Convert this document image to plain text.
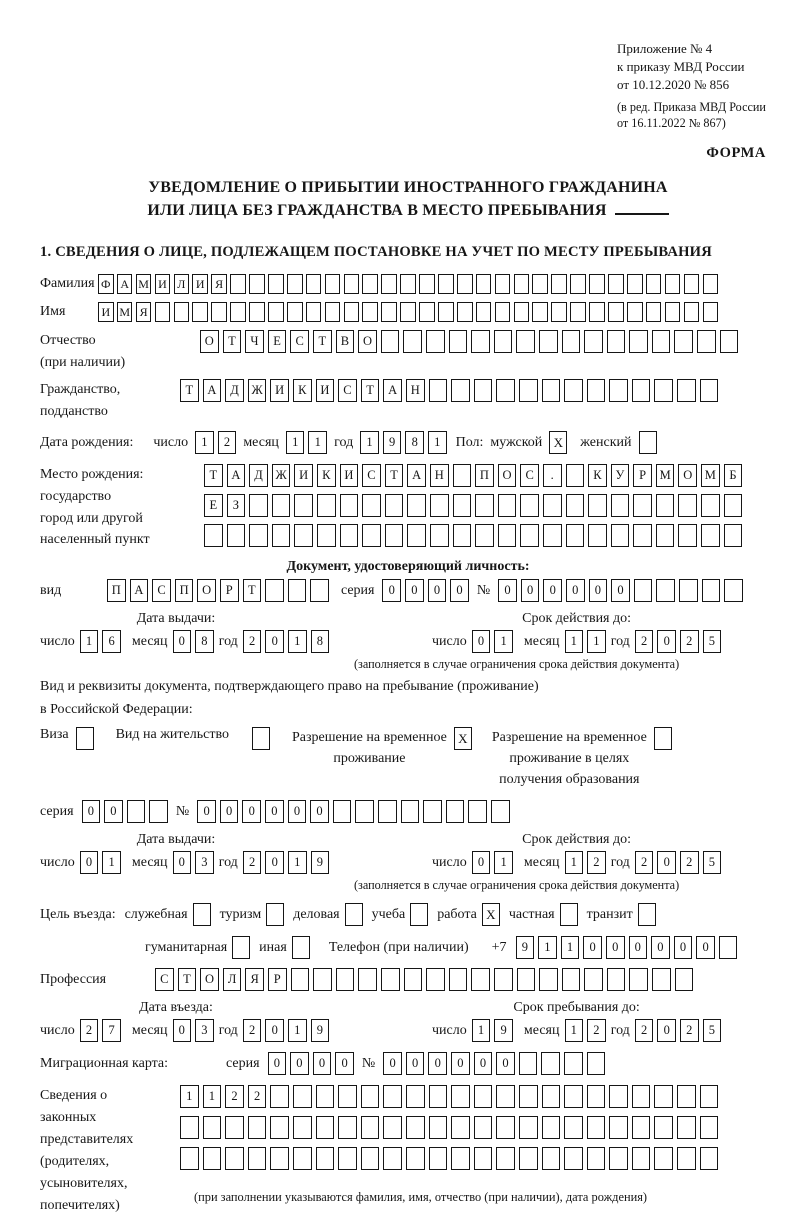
Приложение № 4
к приказу МВД России
от 10.12.2020 № 856
(в ред. Приказа МВД России
от 16.11.2022 № 867)
ФОРМА
УВЕДОМЛЕНИЕ О ПРИБЫТИИ ИНОСТРАННОГО ГРАЖДАНИНА
ИЛИ ЛИЦА БЕЗ ГРАЖДАНСТВА В МЕСТО ПРЕБЫВАНИЯ
1. СВЕДЕНИЯ О ЛИЦЕ, ПОДЛЕЖАЩЕМ ПОСТАНОВКЕ НА УЧЕТ ПО МЕСТУ ПРЕБЫВАНИЯ
Фамилия Ф А М И Л И Я
Имя	И М Я
Отчество
(при наличии)
О	Т	Ч	Е	С	Т	В	О
Гражданство,
подданство
Т	А	Д	Ж И	К	И	С	Т	А	Н
Дата рождения: число	1	2 месяц	1	1 год	1	9	8	1	Пол: мужской X	женский
Место рождения:
государство
город или другой
населенный пункт
Т	А	Д	Ж И	К	И	С	Т	А	Н	П	О	С	.	К	У	Р	М	О	М	Б
Е	З
Документ, удостоверяющий личность:
вид	П	А	С	П	О	Р	Т	серия	0	0	0	0	№	0	0	0	0	0	0
Дата выдачи:
число 1	6	месяц 0	8 год 2	0	1	8
Срок действия до:
число 0	1	месяц 1	1 год 2	0	2	5
(заполняется в случае ограничения срока действия документа)
Вид и реквизиты документа, подтверждающего право на пребывание (проживание)
в Российской Федерации:
Виза	Вид на жительство	Разрешение на временное
проживание
X	Разрешение на временное
проживание в целях
получения образования
серия	0	0	№	0	0	0	0	0	0
Дата выдачи:
число 0	1	месяц 0	3 год 2	0	1	9
Срок действия до:
число 0	1	месяц 1	2 год 2	0	2	5
(заполняется в случае ограничения срока действия документа)
Цель въезда: служебная туризм деловая учеба работа X частная транзит
гуманитарная иная	Телефон (при наличии) +7	9	1	1	0	0	0	0	0	0
Профессия	С	Т	О	Л	Я	Р
Дата въезда:
число 2	7	месяц 0	3 год 2	0	1	9
Срок пребывания до:
число 1	9	месяц 1	2 год 2	0	2	5
Миграционная карта:	серия	0	0	0	0	№	0	0	0	0	0	0
Сведения о
законных
представителях
(родителях,
усыновителях,
попечителях)
1	1	2	2
(при заполнении указываются фамилия, имя, отчество (при наличии), дата рождения)
